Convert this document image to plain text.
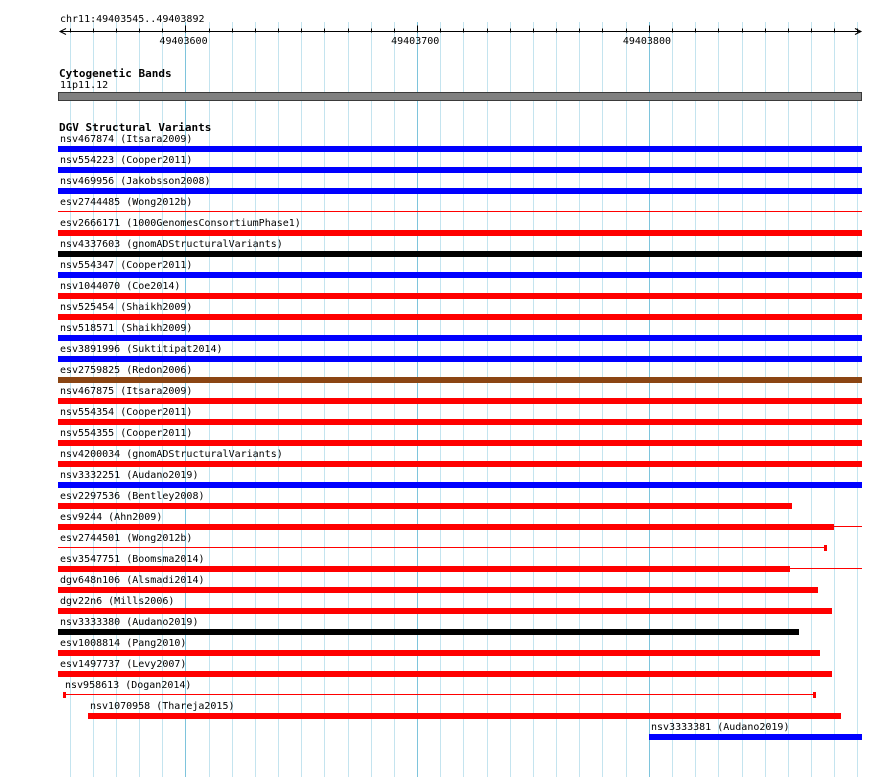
49403600	49403700	49403800
chr11:49403545..49403892
Cytogenetic Bands
11p11.12
DGV Structural Variants
nsv467874 (Itsara2009)
nsv554223 (Cooper2011)
nsv469956 (Jakobsson2008)
esv2744485 (Wong2012b)
esv2666171 (1000GenomesConsortiumPhase1)
nsv4337603 (gnomADStructuralVariants)
nsv554347 (Cooper2011)
nsv1044070 (Coe2014)
nsv525454 (Shaikh2009)
nsv518571 (Shaikh2009)
esv3891996 (Suktitipat2014)
esv2759825 (Redon2006)
nsv467875 (Itsara2009)
nsv554354 (Cooper2011)
nsv554355 (Cooper2011)
nsv4200034 (gnomADStructuralVariants)
nsv3332251 (Audano2019)
esv2297536 (Bentley2008)
esv9244 (Ahn2009)
esv2744501 (Wong2012b)
esv3547751 (Boomsma2014)
dgv648n106 (Alsmadi2014)
dgv22n6 (Mills2006)
nsv3333380 (Audano2019)
esv1008814 (Pang2010)
esv1497737 (Levy2007)
nsv958613 (Dogan2014)
nsv1070958 (Thareja2015)
nsv3333381 (Audano2019)
